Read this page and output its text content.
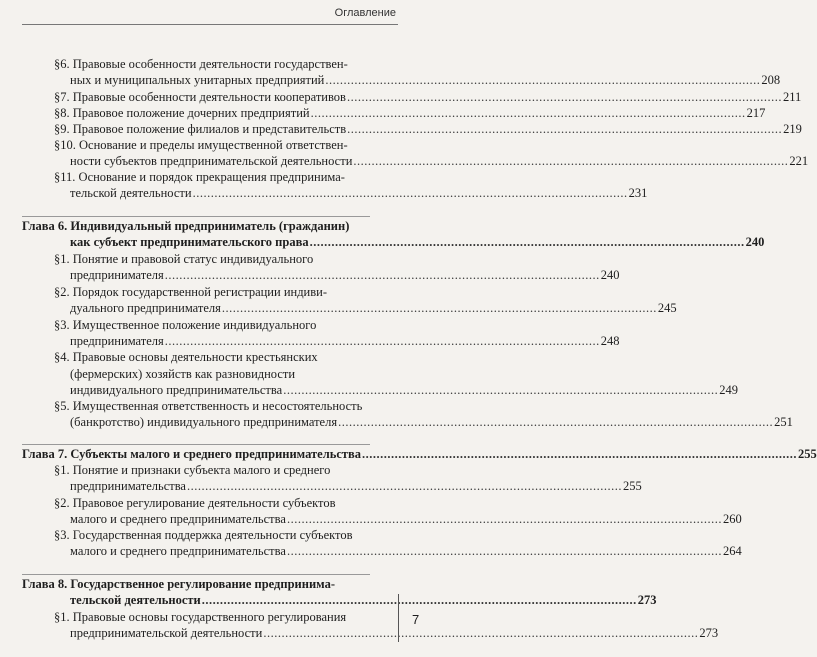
Оглавление
§6. Правовые особенности деятельности государствен-
ных и муниципальных унитарных предприятий ........................................................................................................................ 208
§7. Правовые особенности деятельности кооперативов ........................................................................................................................ 211
§8. Правовое положение дочерних предприятий ........................................................................................................................ 217
§9. Правовое положение филиалов и представительств ........................................................................................................................ 219
§10. Основание и пределы имущественной ответствен-
ности субъектов предпринимательской деятельности ........................................................................................................................ 221
§11. Основание и порядок прекращения предпринима-
тельской деятельности ........................................................................................................................ 231
Глава 6. Индивидуальный предприниматель (гражданин)
как субъект предпринимательского права ........................................................................................................................ 240
§1. Понятие и правовой статус индивидуального
предпринимателя ........................................................................................................................ 240
§2. Порядок государственной регистрации индиви-
дуального предпринимателя ........................................................................................................................ 245
§3. Имущественное положение индивидуального
предпринимателя ........................................................................................................................ 248
§4. Правовые основы деятельности крестьянских
(фермерских) хозяйств как разновидности
индивидуального предпринимательства ........................................................................................................................ 249
§5. Имущественная ответственность и несостоятельность
(банкротство) индивидуального предпринимателя ........................................................................................................................ 251
Глава 7. Субъекты малого и среднего предпринимательства ........................................................................................................................ 255
§1. Понятие и признаки субъекта малого и среднего
предпринимательства ........................................................................................................................ 255
§2. Правовое регулирование деятельности субъектов
малого и среднего предпринимательства ........................................................................................................................ 260
§3. Государственная поддержка деятельности субъектов
малого и среднего предпринимательства ........................................................................................................................ 264
Глава 8. Государственное регулирование предпринима-
тельской деятельности ........................................................................................................................ 273
§1. Правовые основы государственного регулирования
предпринимательской деятельности ........................................................................................................................ 273
7
